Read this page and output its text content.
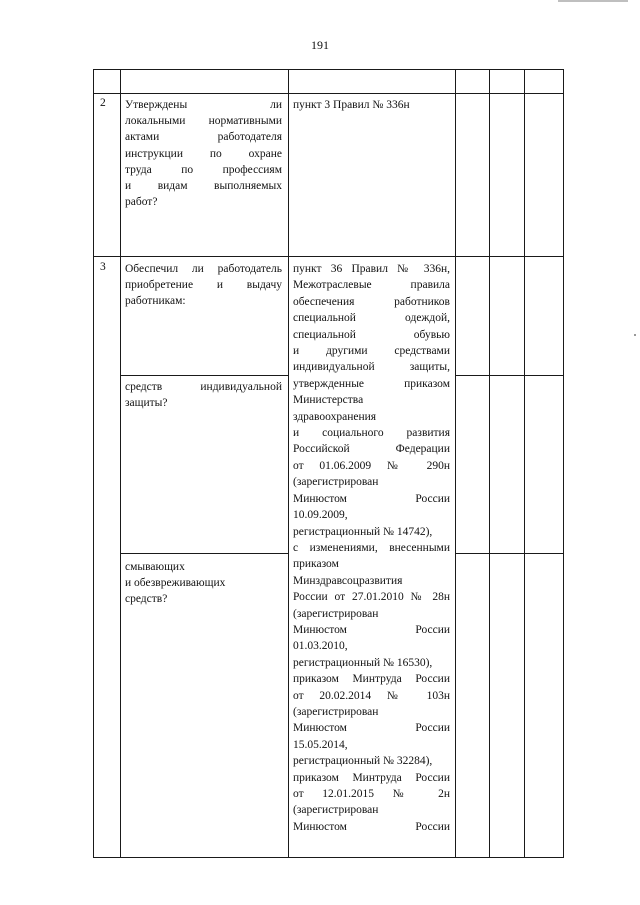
191
2 Утверждены ли
локальными нормативными
актами работодателя
инструкции по охране
труда по профессиям
и видам выполняемых
работ?
пункт 3 Правил № 336н
3 Обеспечил ли работодатель
приобретение и выдачу
работникам:
средств индивидуальной
защиты?
смывающих
и обезвреживающих
средств?
пункт 36 Правил № 336н,
Межотраслевые правила
обеспечения работников
специальной одеждой,
специальной обувью
и другими средствами
индивидуальной защиты,
утвержденные приказом
Министерства
здравоохранения
и социального развития
Российской Федерации
от 01.06.2009 № 290н
(зарегистрирован
Минюстом России
10.09.2009,
регистрационный № 14742),
с изменениями, внесенными
приказом
Минздравсоцразвития
России от 27.01.2010 № 28н
(зарегистрирован
Минюстом России
01.03.2010,
регистрационный № 16530),
приказом Минтруда России
от 20.02.2014 № 103н
(зарегистрирован
Минюстом России
15.05.2014,
регистрационный № 32284),
приказом Минтруда России
от 12.01.2015 № 2н
(зарегистрирован
Минюстом России
